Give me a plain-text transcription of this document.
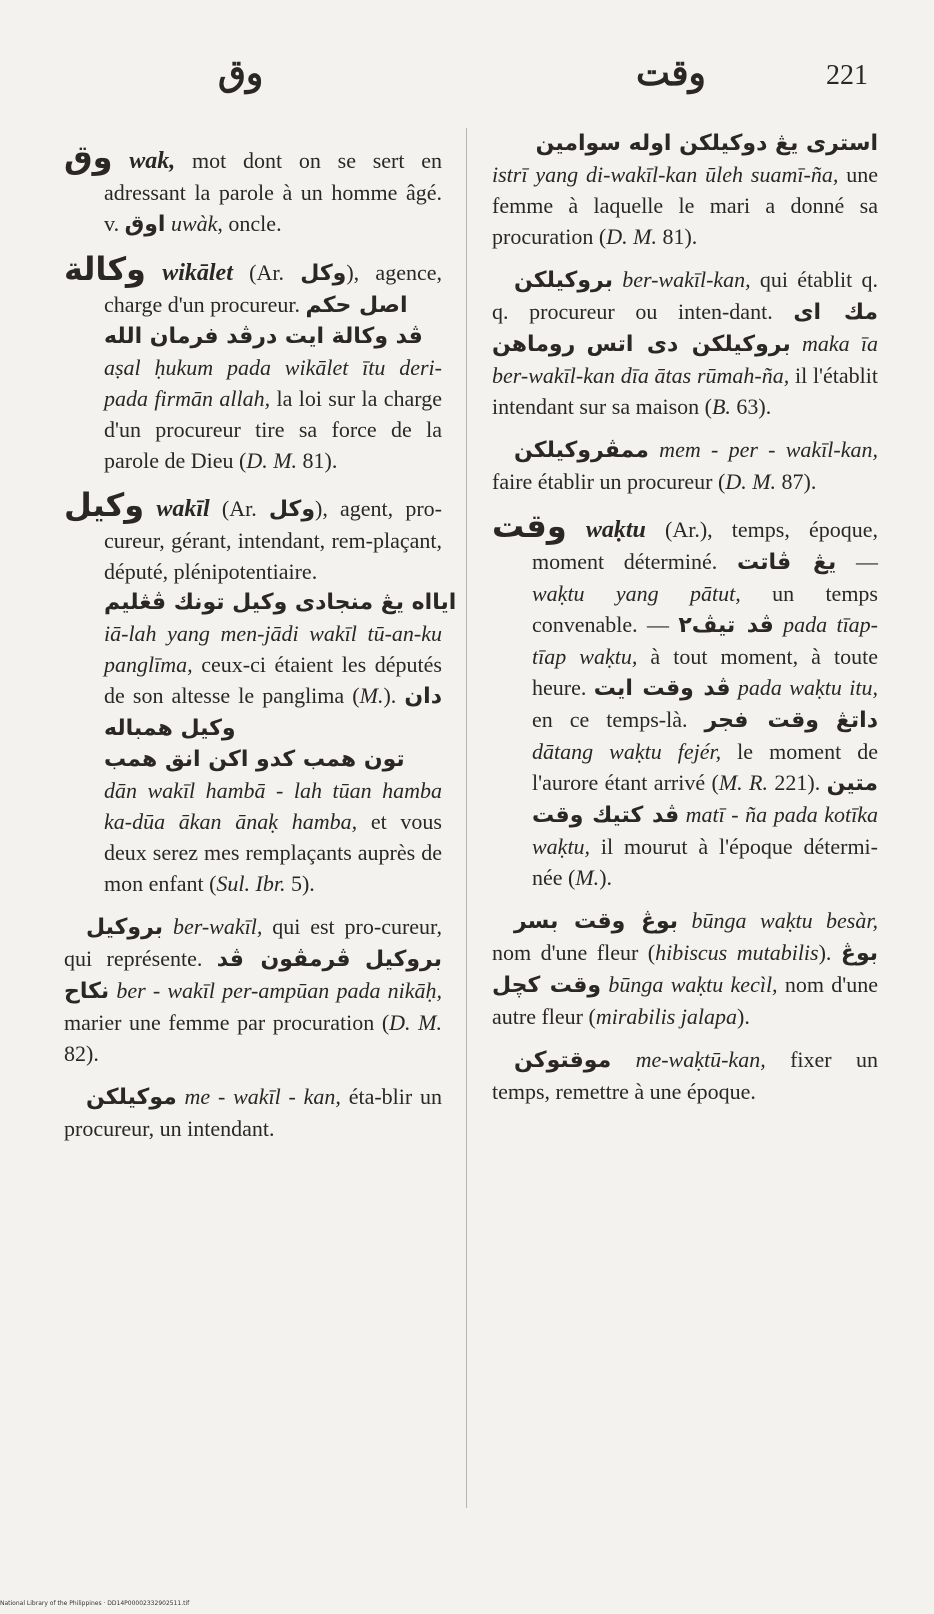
وق	وقت	221

وق wak, mot dont on se sert en adressant la parole à un homme âgé. v. اوق uwàk, oncle.

وكالة wikālet (Ar. وكل), agence, charge d'un procureur. اصل حكم
ڤد وكالة ايت درڤد فرمان الله
aṣal ḥukum pada wikālet ītu deri-pada firmān allah, la loi sur la charge d'un procureur tire sa force de la parole de Dieu (D. M. 81).

وكيل wakīl (Ar. وكل), agent, pro-cureur, gérant, intendant, rem-plaçant, député, plénipotentiaire.
ايااه يڠ منجادى وكيل تونك ڤڠليم
iā-lah yang men-jādi wakīl tū-an-ku panglīma, ceux-ci étaient les députés de son altesse le panglima (M.). دان وكيل همباله
تون همب كدو اكن انق همب
dān wakīl hambā - lah tūan hamba ka-dūa ākan ānaḳ hamba, et vous deux serez mes remplaçants auprès de mon enfant (Sul. Ibr. 5).

بروكيل ber-wakīl, qui est pro-cureur, qui représente.	بروكيل ڤرمڤون ڤد نكاح ber - wakīl per-ampūan pada nikāḥ, marier une femme par procuration (D. M. 82).

موكيلكن me - wakīl - kan, éta-blir un procureur, un intendant.

استرى يڠ دوكيلكن اوله سوامين
istrī yang di-wakīl-kan ūleh suamī-ña, une femme à laquelle le mari a donné sa procuration (D. M. 81).

بروكيلكن ber-wakīl-kan, qui établit q. q. procureur ou inten-dant. مك اى بروكيلكن دى اتس روماهن	maka īa ber-wakīl-kan dīa ātas rūmah-ña, il l'établit intendant sur sa maison (B. 63).

ممڤروكيلكن mem - per - wakīl-kan, faire établir un procureur (D. M. 87).

وقت waḳtu (Ar.), temps, époque, moment déterminé. يڠ ڤاتت — waḳtu yang pātut, un temps convenable. — ڤد تيڤ٢ pada tīap-tīap waḳtu, à tout moment, à toute heure. ڤد وقت ايت pada waḳtu itu, en ce temps-là.	داتڠ وقت فجر dātang waḳtu fejér, le moment de l'aurore étant arrivé (M. R. 221). متين ڤد كتيك وقت matī - ña pada kotīka waḳtu, il mourut à l'époque détermi-née (M.).

بوڠ وقت بسر būnga waḳtu besàr, nom d'une fleur (hibiscus mutabilis). بوڠ وقت كچل būnga waḳtu kecìl, nom d'une autre fleur (mirabilis jalapa).

موقتوكن me-waḳtū-kan, fixer un temps, remettre à une époque.

National Library of the Philippines · DD14P00002332902511.tif
